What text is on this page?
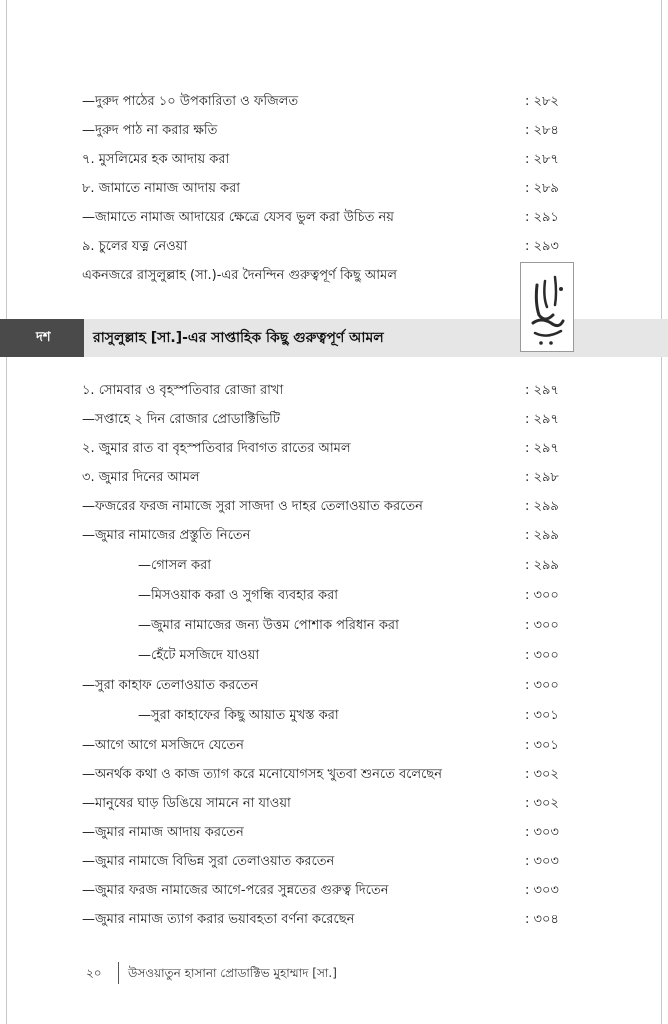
—দুরুদ পাঠের ১০ উপকারিতা ও ফজিলত	: ২৮২
—দুরুদ পাঠ না করার ক্ষতি	: ২৮৪
৭. মুসলিমের হক আদায় করা	: ২৮৭
৮. জামাতে নামাজ আদায় করা	: ২৮৯
—জামাতে নামাজ আদায়ের ক্ষেত্রে যেসব ভুল করা উচিত নয়	: ২৯১
৯. চুলের যত্ন নেওয়া	: ২৯৩
একনজরে রাসুলুল্লাহ (সা.)-এর দৈনন্দিন গুরুত্বপূর্ণ কিছু আমল
দশ	রাসুলুল্লাহ [সা.]-এর সাপ্তাহিক কিছু গুরুত্বপূর্ণ আমল
১. সোমবার ও বৃহস্পতিবার রোজা রাখা	: ২৯৭
—সপ্তাহে ২ দিন রোজার প্রোডাক্টিভিটি	: ২৯৭
২. জুমার রাত বা বৃহস্পতিবার দিবাগত রাতের আমল	: ২৯৭
৩. জুমার দিনের আমল	: ২৯৮
—ফজরের ফরজ নামাজে সুরা সাজদা ও দাহর তেলাওয়াত করতেন	: ২৯৯
—জুমার নামাজের প্রস্তুতি নিতেন	: ২৯৯
—গোসল করা	: ২৯৯
—মিসওয়াক করা ও সুগন্ধি ব্যবহার করা	: ৩০০
—জুমার নামাজের জন্য উত্তম পোশাক পরিধান করা	: ৩০০
—হেঁটে মসজিদে যাওয়া	: ৩০০
—সুরা কাহাফ তেলাওয়াত করতেন	: ৩০০
—সুরা কাহাফের কিছু আয়াত মুখস্ত করা	: ৩০১
—আগে আগে মসজিদে যেতেন	: ৩০১
—অনর্থক কথা ও কাজ ত্যাগ করে মনোযোগসহ খুতবা শুনতে বলেছেন	: ৩০২
—মানুষের ঘাড় ডিঙিয়ে সামনে না যাওয়া	: ৩০২
—জুমার নামাজ আদায় করতেন	: ৩০৩
—জুমার নামাজে বিভিন্ন সুরা তেলাওয়াত করতেন	: ৩০৩
—জুমার ফরজ নামাজের আগে-পরের সুন্নতের গুরুত্ব দিতেন	: ৩০৩
—জুমার নামাজ ত্যাগ করার ভয়াবহতা বর্ণনা করেছেন	: ৩০৪
২০ উসওয়াতুন হাসানা প্রোডাক্টিভ মুহাম্মাদ [সা.]
